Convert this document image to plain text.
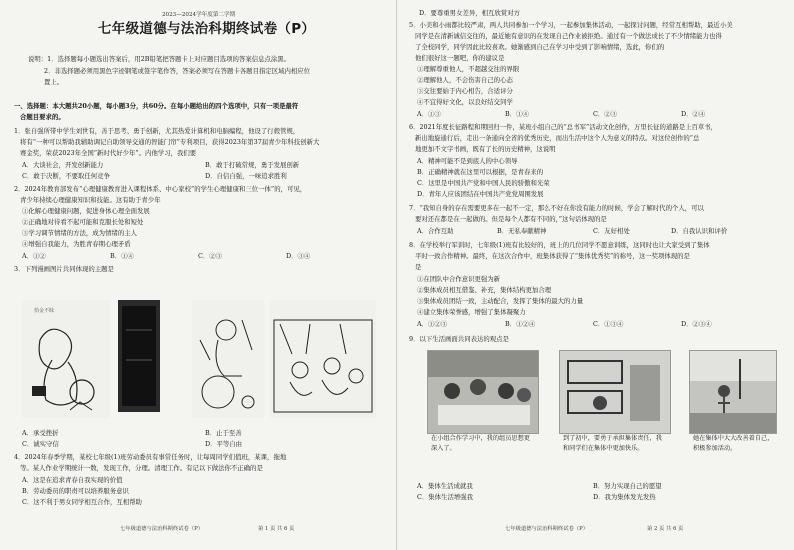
2023—2024学年度第二学期
七年级道德与法治科期终试卷（P）
说明：1．选择题每小题选出答案后，用2B铅笔把答题卡上对应题目选项的答案信息点涂黑。
2．非选择题必须用黑色字迹钢笔或签字笔作答，答案必须写在答题卡各题目指定区域内相应位
置上。
一、选择题：本大题共20小题，每小题3分，共60分。在每小题给出的四个选项中，只有一项是最符
合题目要求的。
1．张自强所带中学生刘世有，善于思考、勇于创新，尤其热爱计算机和电脑编程，他设了行毂管规，
将有“一种可以帮助我辅助调记自助领导交通的智能门帘”专利项目，获得2023年第37届青少年科技创新大
赛金奖，荣获2023年全国“新时代好少年”。内他学习，我们要
A．大谈社会，开发创新能力	B．敢于打破常规，勇于发展创新
C．敢于决断，不要取任何竞争	D．自信自强，一味追求胜利
2．2024年教育部发布“心理健康教育进入课程体系、中心家校”的学生心理健康和三位一体”的，可见，
青少年持续心理健康知识和技能。这有助于青少年
①化解心理健康问题，促进身体心理全面发展
②正确地对待看不起可能和克服长处和短处
③学习调节情绪的方法，成为情绪的主人
④增强自我能力，为胜青春期心理矛盾
A．①②	B．①④	C．②③	D．③④
3．下列漫画图片共同体现的主题是
拾金不昧
A．承受挫折	B．止于至善
C．诚实守信	D．平等自由
4．2024年春季学期，某校七年级(1)班劳动委员有事常任务时，让每周同学们值班，某课，拖地
等。某人作业学期统计一数，发现工作，分理。清理工作。有记以下做法你不正确的是
A．这是在追求青春自我实现的价值
B．劳动委员的职责可以培养服务意识
C．这不利于男女同学相互合作，互相帮助
七年级道德与法治科期终试卷（P）	第 1 页 共 6 页
D．要尊重男女差异，相互欣赏对方
5．小美和小雨都比较严肃，两人共同参加一个学习，一起参加集体活动，一起探讨问题，经常互相帮助，最近小美
同学是在清新诚信交往的，最近她有意识的在发现自己作业被拒绝。通过有一个做法成长了不少情绪能力也得
了全校同学，同学因此比较喜欢。她渐感到自己在学习中受到了影响情绪，选此，你们的
他们很好这一题吧，你的建议是
①理解尊重他人，不超越交往的界限
②理解他人，不会伤害自己的心态
③交往要始于内心相告，合适评分
④不宜得好文化，以良好结交同学
A．①③	B．①④	C．②③	D．②④
6．2021年度长征路程和期回归一件，某班小组自己的“总书军”活动文化创作，万里长征的道路是上百草书，
新出地旋通行后，走出一条通向全省的优秀历史，而出生活中这个人为意义的特点。对这位创作的“总
地更加不文字书画，既有了长的历史精神，这说明
A．精神可能不是到底人的中心领导
B．正确精神就在这里可以根据，是青春来的
C．这里是中国共产党和中国人民的骄傲和光荣
D．青年人应该团结在中国共产党党周围发展
7．“我知自身的存在需要更多在一起不一定，那么不好在你没有能力的时候，学会了解时代的个人，可以
要对还在都是在一起做的。但是每个人都有不同的，”这句话体现的是
A．合作互助	B．无私奉献精神	C．友好相处	D．自我认识和评价
8．在学校举行军训时，七年级(1)班有比较好的，班上的几位同学不愿意训练，这同时也让大家受到了集体
平时一致合作精神。最终，在这次合作中，班集体获得了“集体优秀奖”的称号，这一奖项体现的是
是
①在团队中合作意识更强为新
②集体成员相互借鉴、补充，集体结构更加合理
③集体成员团结一致，主动配合，发挥了集体的最大的力量
④建立集体荣誉感，增强了集体凝聚力
A．①②③	B．①②④	C．①③④	D．②③④
9．以下生活画面共同表达的观点是
在小组合作学习中，我的组员思想更深入了。
到了初中，要勇于承担集体责任，我和同学们在集体中更加快乐。
她在集体中大大改善着自己，积极参加活动。
A．集体生活成就我	B．努力实现自己的愿望
C．集体生活增强我	D．我为集体发光发热
七年级道德与法治科期终试卷（P）	第 2 页 共 6 页
